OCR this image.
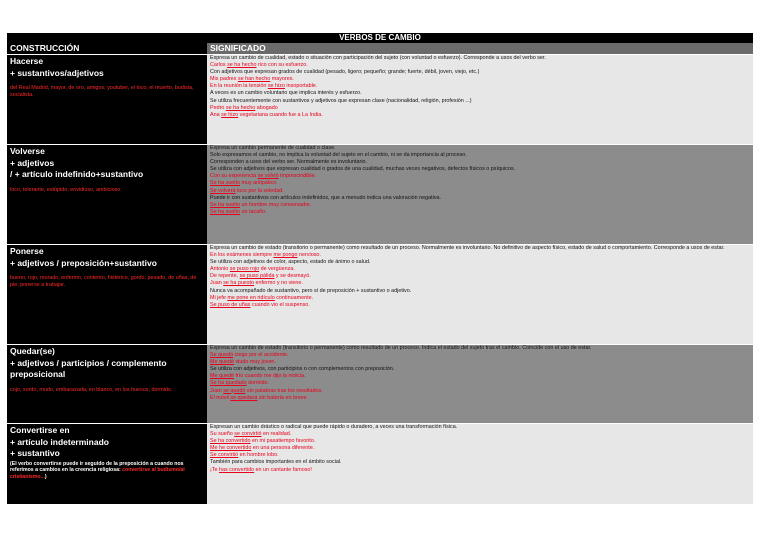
VERBOS DE CAMBIO
CONSTRUCCIÓN	SIGNIFICADO
Hacerse
+ sustantivos/adjetivos
del Real Madrid, mayor, de oro, amigos, youtuber, el loco, el muerto, budista, socialista.
Expresa un cambio de cualidad, estado o situación con participación del sujeto (con voluntad o esfuerzo). Corresponde a usos del verbo ser.
Carlos se ha hecho rico con su esfuerzo.
Con adjetivos que expresan grados de cualidad (pesado, ligero; pequeño; grande; fuerte, débil, joven, viejo, etc.)
Mis padres se han hecho mayores.
En la reunión la tensión se hizo insoportable.
A veces es un cambio voluntario que implica interés y esfuerzo.
Se utiliza frecuentemente con sustantivos y adjetivos que expresan clase (nacionalidad, religión, profesión ...)
Pedro se ha hecho abogado
Ana se hizo vegetariana cuando fue a La India.
Volverse
+ adjetivos
/ + artículo indefinido+sustantivo
loco, tolerante, estúpido, envidioso, ambicioso.
Expresa un cambio permanente de cualidad o clase.
Solo expresamos el cambio, no implica la voluntad del sujeto en el cambio, ni se da importancia al proceso.
Corresponden a usos del verbo ser. Normalmente es involuntario.
Se utiliza con adjetivos que expresan cualidad o grados de una cualidad, muchas veces negativos, defectos físicos o psíquicos.
Con su experiencia se volvió imprescindible.
Se ha vuelto muy antipático.
Se volverá loco por la soledad.
Puede ir con sustantivos con artículos indefinidos, que a menudo indica una valoración negativa.
Se ha vuelto un hombre muy conservador.
Se ha vuelto un tacaño.
Ponerse
+ adjetivos / preposición+sustantivo
bueno, rojo, morado, enfermo, contento, histérico, gordo, pesado, de uñas, de pie, ponerse a trabajar.
Expresa un cambio de estado (transitorio o permanente) como resultado de un proceso. Normalmente es involuntario. No definitivo de aspecto físico, estado de salud o comportamiento. Corresponde a usos de estar.
En los exámenes siempre me pongo nervioso.
Se utiliza con adjetivos de color, aspecto, estado de ánimo o salud.
Antonio se puso rojo de vergüenza.
De repente, se puso pálida y se desmayó.
Juan se ha puesto enfermo y no viene.
Nunca va acompañado de sustantivo, pero sí de preposición + sustantivo o adjetivo.
Mi jefe me pone en ridículo continuamente.
Se puso de uñas cuando vio el suspenso.
Quedar(se)
+ adjetivos / participios / complemento
preposicional
cojo, sordo, mudo, embarazada, en blanco, en los huesos, dormido.
Expresa un cambio de estado (transitorio o permanente) como resultado de un proceso. Indica el estado del sujeto tras el cambio. Coincide con el uso de estar.
Se quedó ciego por el accidente.
Me quedé viudo muy joven.
Se utiliza con adjetivos, con participios o con complementos con preposición.
Me quedé frío cuando me dijo la noticia.
Se ha quedado dormido.
Juan se quedó sin palabras tras los resultados.
El móvil se quedará sin batería en breve.
Convertirse en
+ artículo indeterminado
+ sustantivo
(El verbo convertirse puede ir seguido de la preposición a cuando nos referimos a cambios en la creencia religiosa: convertirse al budismo/al cristianismo...)
Expresan un cambio drástico o radical que puede rápido o duradero, a veces una transformación física.
Su sueño se convirtió en realidad.
Se ha convertido en mi pasatiempo favorito.
Me he convertido en una persona diferente.
Se convirtió en hombre lobo.
También para cambios importantes en el ámbito social.
¡Te has convertido en un cantante famoso!
